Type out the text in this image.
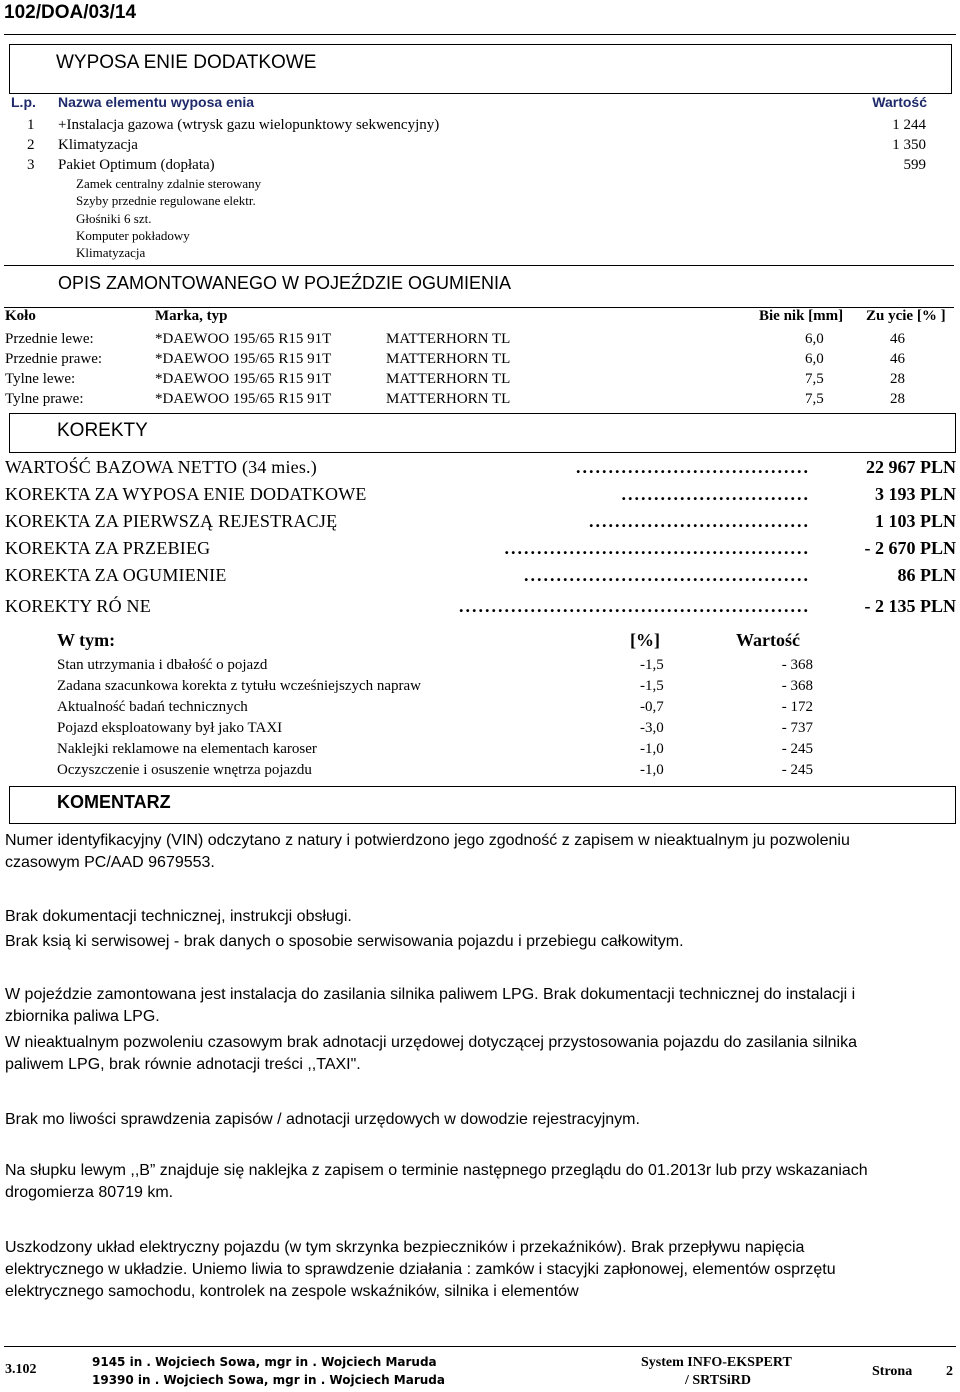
102/DOA/03/14
WYPOSA ENIE DODATKOWE
L.p. Nazwa elementu wyposa enia	Wartość
1 +Instalacja gazowa (wtrysk gazu wielopunktowy sekwencyjny)	1 244
2 Klimatyzacja	1 350
3 Pakiet Optimum (dopłata)	599
Zamek centralny zdalnie sterowany
Szyby przednie regulowane elektr.
Głośniki 6 szt.
Komputer pokładowy
Klimatyzacja
OPIS ZAMONTOWANEGO W POJEŹDZIE OGUMIENIA
Koło	Marka, typ	Bie nik [mm] Zu ycie [% ]
Przednie lewe:	*DAEWOO 195/65 R15 91T	MATTERHORN TL	6,0	46
Przednie prawe:	*DAEWOO 195/65 R15 91T	MATTERHORN TL	6,0	46
Tylne lewe:	*DAEWOO 195/65 R15 91T	MATTERHORN TL	7,5	28
Tylne prawe:	*DAEWOO 195/65 R15 91T	MATTERHORN TL	7,5	28
KOREKTY
WARTOŚĆ BAZOWA NETTO (34 mies.)	....................................	22 967 PLN
KOREKTA ZA WYPOSA ENIE DODATKOWE	.............................	3 193 PLN
KOREKTA ZA PIERWSZĄ REJESTRACJĘ	..................................	1 103 PLN
KOREKTA ZA PRZEBIEG	...............................................	- 2 670 PLN
KOREKTA ZA OGUMIENIE	............................................	86 PLN
KOREKTY RÓ NE	......................................................	- 2 135 PLN
W tym:	[%]	Wartość
Stan utrzymania i dbałość o pojazd	-1,5	- 368
Zadana szacunkowa korekta z tytułu wcześniejszych napraw	-1,5	- 368
Aktualność badań technicznych	-0,7	- 172
Pojazd eksploatowany był jako TAXI	-3,0	- 737
Naklejki reklamowe na elementach karoser	-1,0	- 245
Oczyszczenie i osuszenie wnętrza pojazdu	-1,0	- 245
KOMENTARZ
Numer identyfikacyjny (VIN) odczytano z natury i potwierdzono jego zgodność z zapisem w nieaktualnym ju pozwoleniu czasowym PC/AAD 9679553.
Brak dokumentacji technicznej, instrukcji obsługi.
Brak ksią ki serwisowej - brak danych o sposobie serwisowania pojazdu i przebiegu całkowitym.
W pojeździe zamontowana jest instalacja do zasilania silnika paliwem LPG. Brak dokumentacji technicznej do instalacji i zbiornika paliwa LPG.
W nieaktualnym pozwoleniu czasowym brak adnotacji urzędowej dotyczącej przystosowania pojazdu do zasilania silnika paliwem LPG, brak równie adnotacji treści ,,TAXI".
Brak mo liwości sprawdzenia zapisów / adnotacji urzędowych w dowodzie rejestracyjnym.
Na słupku lewym ,,B” znajduje się naklejka z zapisem o terminie następnego przeglądu do 01.2013r lub przy wskazaniach drogomierza 80719 km.
Uszkodzony układ elektryczny pojazdu (w tym skrzynka bezpieczników i przekaźników). Brak przepływu napięcia elektrycznego w układzie. Uniemo liwia to sprawdzenie działania : zamków i stacyjki zapłonowej, elementów osprzętu elektrycznego samochodu, kontrolek na zespole wskaźników, silnika i elementów
3.102	9145 in . Wojciech Sowa, mgr in . Wojciech Maruda
19390 in . Wojciech Sowa, mgr in . Wojciech Maruda
System INFO-EKSPERT
/ SRTSiRD
Strona 2
